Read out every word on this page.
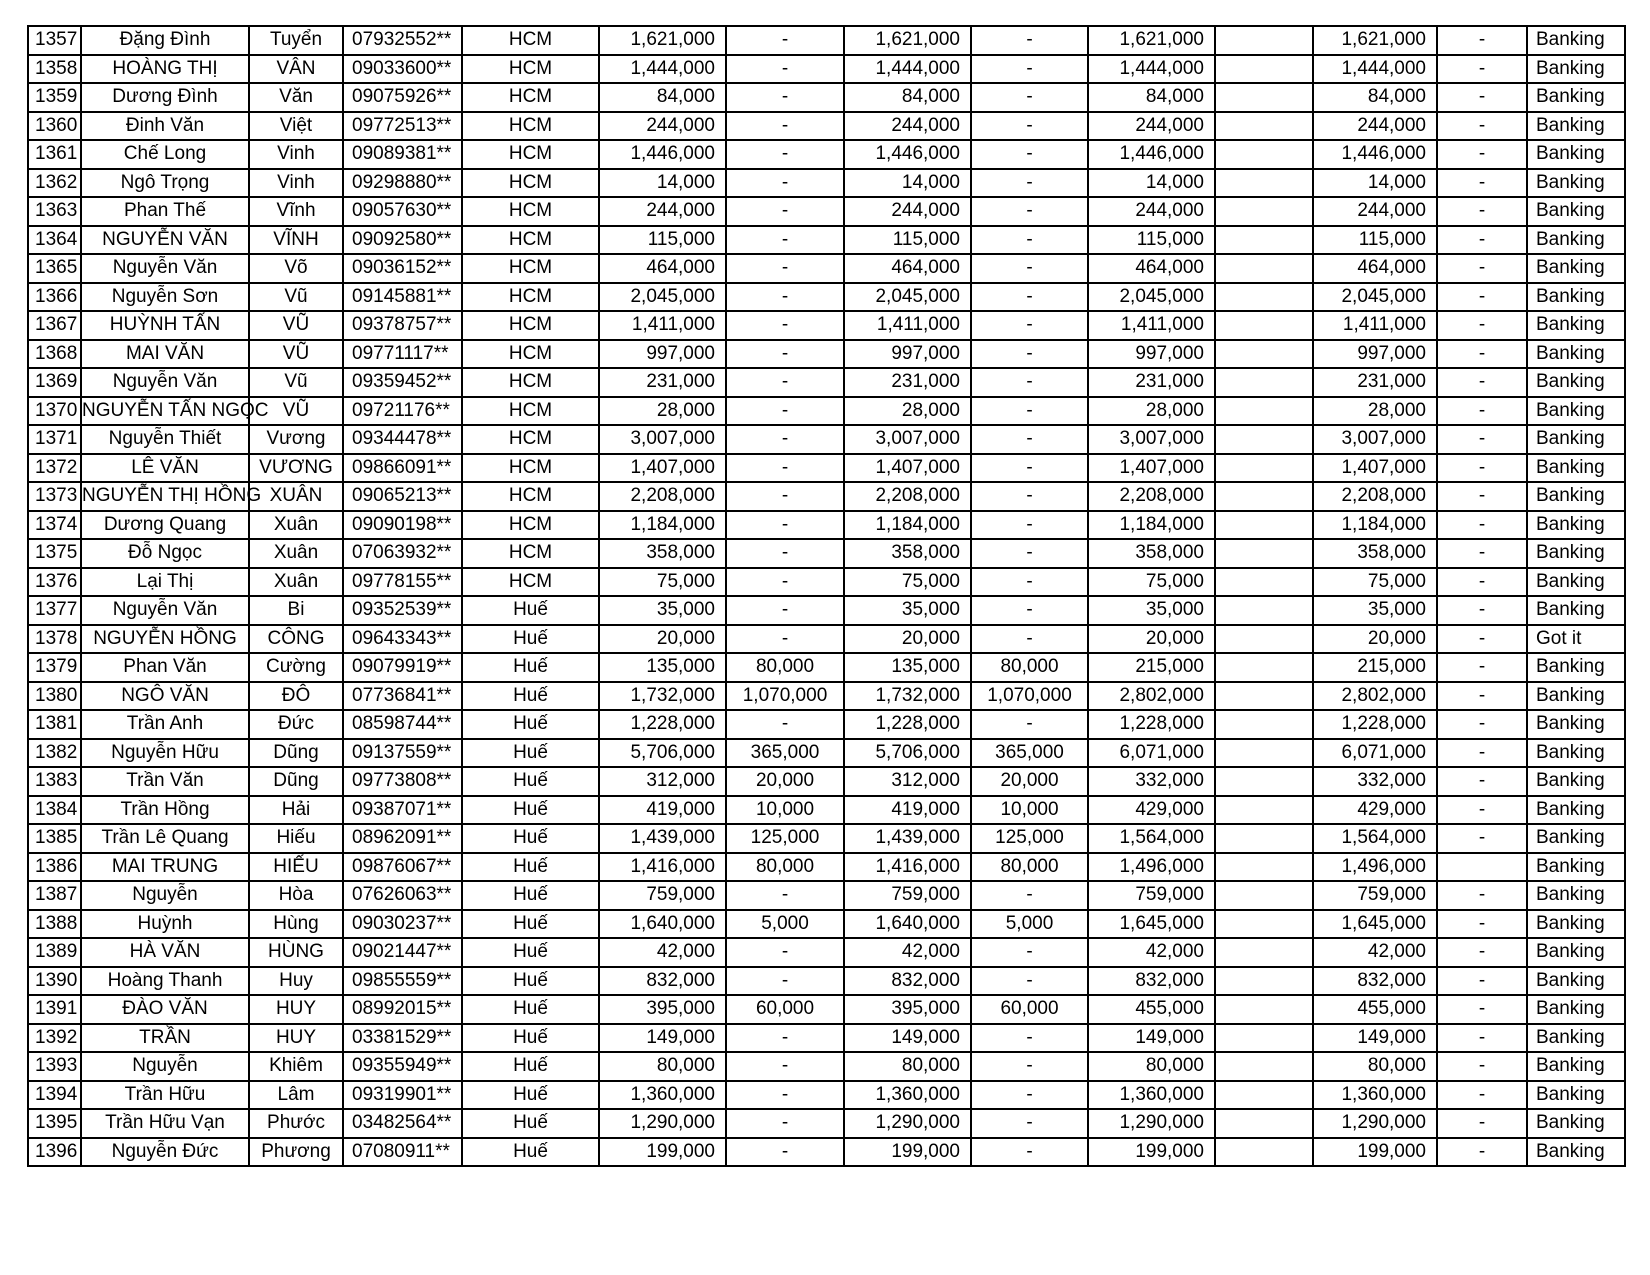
1357	Đặng Đình	Tuyển	07932552**	HCM	1,621,000	-	1,621,000	-	1,621,000		1,621,000	-	Banking
1358	HOÀNG THỊ	VÂN	09033600**	HCM	1,444,000	-	1,444,000	-	1,444,000		1,444,000	-	Banking
1359	Dương Đình	Văn	09075926**	HCM	84,000	-	84,000	-	84,000		84,000	-	Banking
1360	Đinh Văn	Việt	09772513**	HCM	244,000	-	244,000	-	244,000		244,000	-	Banking
1361	Chế Long	Vinh	09089381**	HCM	1,446,000	-	1,446,000	-	1,446,000		1,446,000	-	Banking
1362	Ngô Trọng	Vinh	09298880**	HCM	14,000	-	14,000	-	14,000		14,000	-	Banking
1363	Phan Thế	Vĩnh	09057630**	HCM	244,000	-	244,000	-	244,000		244,000	-	Banking
1364	NGUYỄN VĂN	VĨNH	09092580**	HCM	115,000	-	115,000	-	115,000		115,000	-	Banking
1365	Nguyễn Văn	Võ	09036152**	HCM	464,000	-	464,000	-	464,000		464,000	-	Banking
1366	Nguyễn Sơn	Vũ	09145881**	HCM	2,045,000	-	2,045,000	-	2,045,000		2,045,000	-	Banking
1367	HUỲNH TẤN	VŨ	09378757**	HCM	1,411,000	-	1,411,000	-	1,411,000		1,411,000	-	Banking
1368	MAI VĂN	VŨ	09771117**	HCM	997,000	-	997,000	-	997,000		997,000	-	Banking
1369	Nguyễn Văn	Vũ	09359452**	HCM	231,000	-	231,000	-	231,000		231,000	-	Banking
1370	NGUYỄN TẤN NGỌC	VŨ	09721176**	HCM	28,000	-	28,000	-	28,000		28,000	-	Banking
1371	Nguyễn Thiết	Vương	09344478**	HCM	3,007,000	-	3,007,000	-	3,007,000		3,007,000	-	Banking
1372	LÊ VĂN	VƯƠNG	09866091**	HCM	1,407,000	-	1,407,000	-	1,407,000		1,407,000	-	Banking
1373	NGUYỄN THỊ HỒNG	XUÂN	09065213**	HCM	2,208,000	-	2,208,000	-	2,208,000		2,208,000	-	Banking
1374	Dương Quang	Xuân	09090198**	HCM	1,184,000	-	1,184,000	-	1,184,000		1,184,000	-	Banking
1375	Đỗ Ngọc	Xuân	07063932**	HCM	358,000	-	358,000	-	358,000		358,000	-	Banking
1376	Lại Thị	Xuân	09778155**	HCM	75,000	-	75,000	-	75,000		75,000	-	Banking
1377	Nguyễn Văn	Bi	09352539**	Huế	35,000	-	35,000	-	35,000		35,000	-	Banking
1378	NGUYỄN HỒNG	CÔNG	09643343**	Huế	20,000	-	20,000	-	20,000		20,000	-	Got it
1379	Phan Văn	Cường	09079919**	Huế	135,000	80,000	135,000	80,000	215,000		215,000	-	Banking
1380	NGÔ VĂN	ĐÔ	07736841**	Huế	1,732,000	1,070,000	1,732,000	1,070,000	2,802,000		2,802,000	-	Banking
1381	Trần Anh	Đức	08598744**	Huế	1,228,000	-	1,228,000	-	1,228,000		1,228,000	-	Banking
1382	Nguyễn Hữu	Dũng	09137559**	Huế	5,706,000	365,000	5,706,000	365,000	6,071,000		6,071,000	-	Banking
1383	Trần Văn	Dũng	09773808**	Huế	312,000	20,000	312,000	20,000	332,000		332,000	-	Banking
1384	Trần Hồng	Hải	09387071**	Huế	419,000	10,000	419,000	10,000	429,000		429,000	-	Banking
1385	Trần Lê Quang	Hiếu	08962091**	Huế	1,439,000	125,000	1,439,000	125,000	1,564,000		1,564,000	-	Banking
1386	MAI TRUNG	HIẾU	09876067**	Huế	1,416,000	80,000	1,416,000	80,000	1,496,000		1,496,000		Banking
1387	Nguyễn	Hòa	07626063**	Huế	759,000	-	759,000	-	759,000		759,000	-	Banking
1388	Huỳnh	Hùng	09030237**	Huế	1,640,000	5,000	1,640,000	5,000	1,645,000		1,645,000	-	Banking
1389	HÀ VĂN	HÙNG	09021447**	Huế	42,000	-	42,000	-	42,000		42,000	-	Banking
1390	Hoàng Thanh	Huy	09855559**	Huế	832,000	-	832,000	-	832,000		832,000	-	Banking
1391	ĐÀO VĂN	HUY	08992015**	Huế	395,000	60,000	395,000	60,000	455,000		455,000	-	Banking
1392	TRẦN	HUY	03381529**	Huế	149,000	-	149,000	-	149,000		149,000	-	Banking
1393	Nguyễn	Khiêm	09355949**	Huế	80,000	-	80,000	-	80,000		80,000	-	Banking
1394	Trần Hữu	Lâm	09319901**	Huế	1,360,000	-	1,360,000	-	1,360,000		1,360,000	-	Banking
1395	Trần Hữu Vạn	Phước	03482564**	Huế	1,290,000	-	1,290,000	-	1,290,000		1,290,000	-	Banking
1396	Nguyễn Đức	Phương	07080911**	Huế	199,000	-	199,000	-	199,000		199,000	-	Banking
